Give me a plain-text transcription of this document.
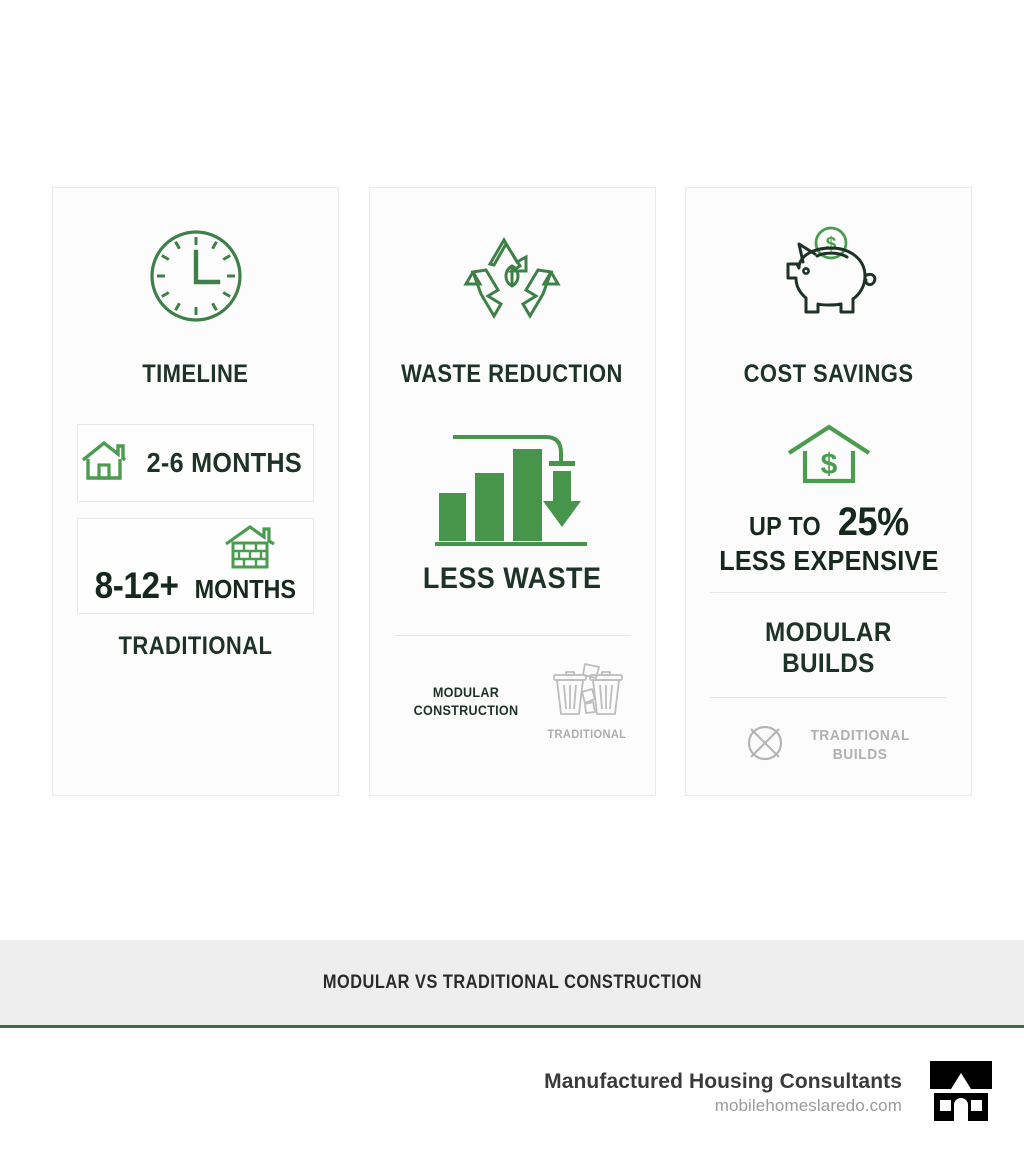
TIMELINE
2-6 MONTHS
8-12+ MONTHS
TRADITIONAL
WASTE REDUCTION
LESS WASTE
MODULAR
CONSTRUCTION
TRADITIONAL
$
COST SAVINGS
$
UP TO 25%
LESS EXPENSIVE
MODULAR
BUILDS
TRADITIONAL
BUILDS
MODULAR VS TRADITIONAL CONSTRUCTION
Manufactured Housing Consultants
mobilehomeslaredo.com
